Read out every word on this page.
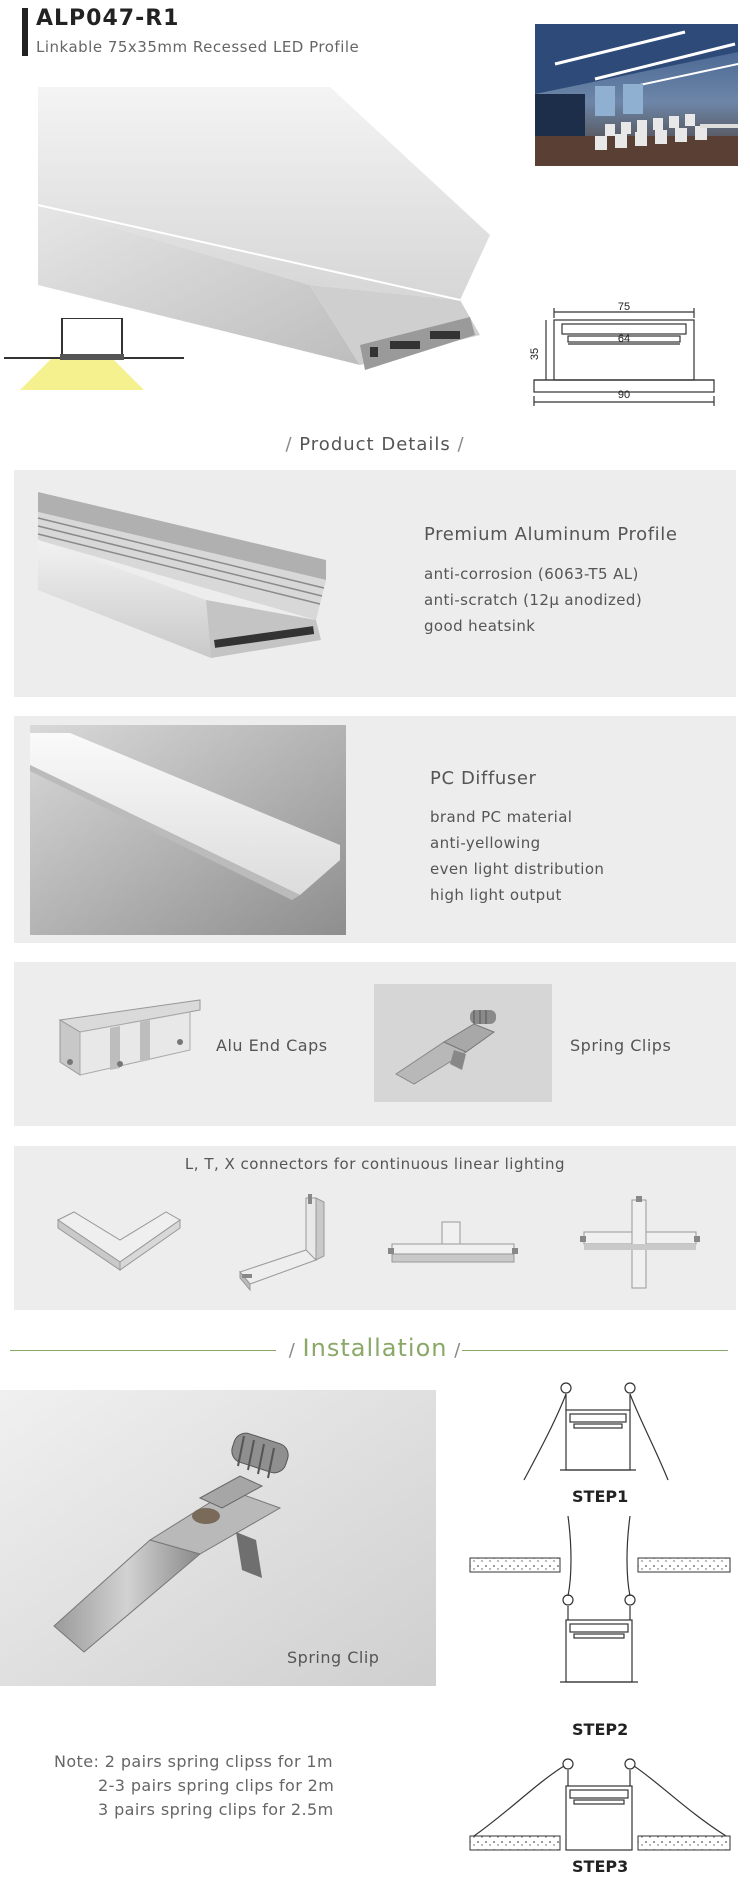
ALP047-R1
Linkable 75x35mm Recessed LED Profile
75
64
35
90
/ Product Details /
Premium Aluminum Profile
anti-corrosion (6063-T5 AL)
anti-scratch (12μ anodized)
good heatsink
PC Diffuser
brand PC material
anti-yellowing
even light distribution
high light output
Alu End Caps	Spring Clips
L, T, X connectors for continuous linear lighting
/ Installation /
Spring Clip
STEP1
STEP2
STEP3
Note: 2 pairs spring clipss for 1m
2-3 pairs spring clips for 2m
3 pairs spring clips for 2.5m
